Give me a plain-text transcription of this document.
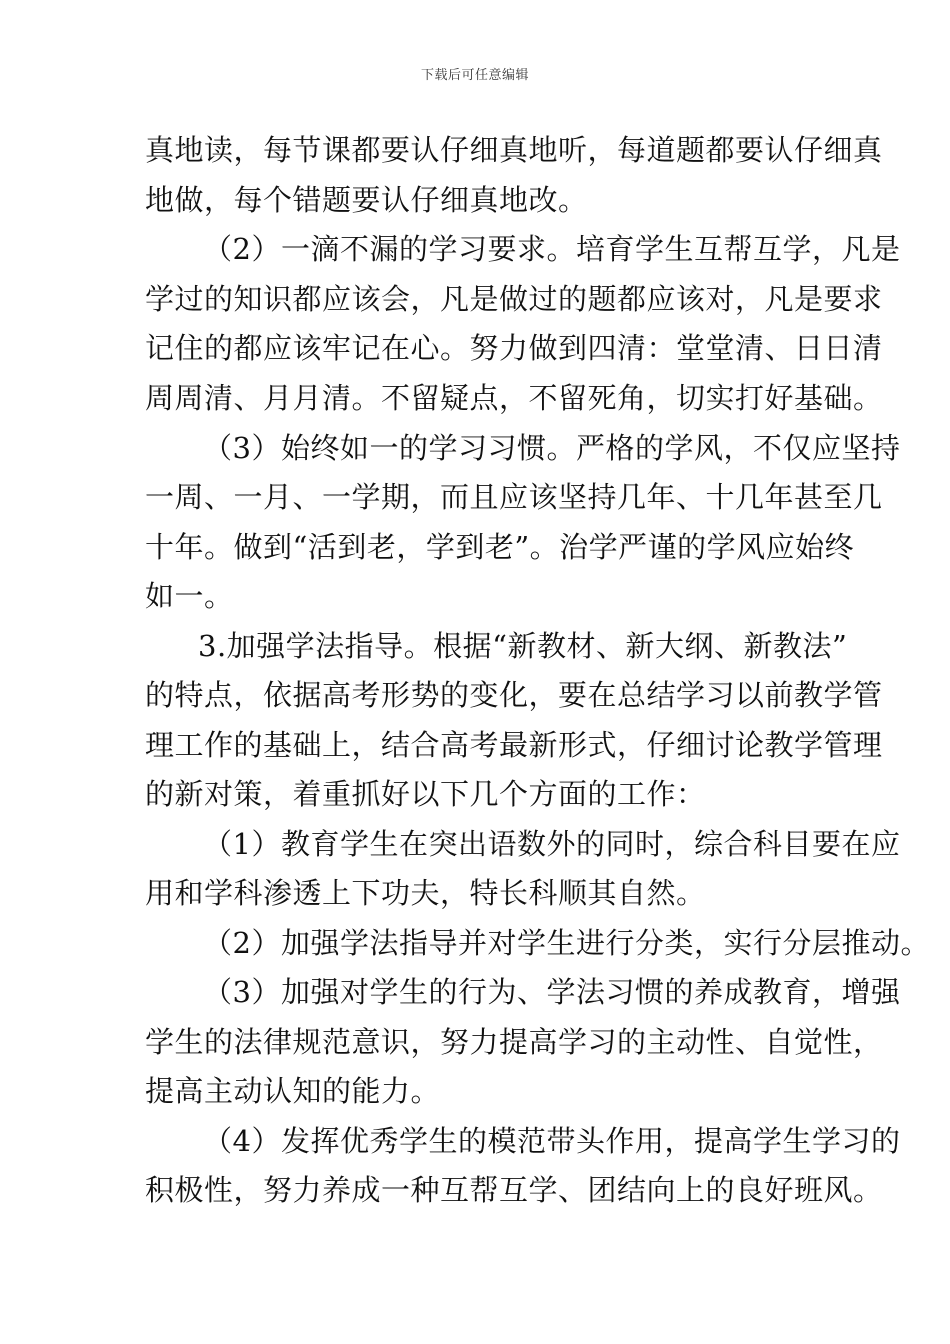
下载后可任意编辑
真地读，每节课都要认仔细真地听，每道题都要认仔细真
地做，每个错题要认仔细真地改。
（2）一滴不漏的学习要求。培育学生互帮互学，凡是
学过的知识都应该会，凡是做过的题都应该对，凡是要求
记住的都应该牢记在心。努力做到四清：堂堂清、日日清
周周清、月月清。不留疑点，不留死角，切实打好基础。
（3）始终如一的学习习惯。严格的学风，不仅应坚持
一周、一月、一学期，而且应该坚持几年、十几年甚至几
十年。做到“活到老，学到老”。治学严谨的学风应始终
如一。
3.加强学法指导。根据“新教材、新大纲、新教法”
的特点，依据高考形势的变化，要在总结学习以前教学管
理工作的基础上，结合高考最新形式，仔细讨论教学管理
的新对策，着重抓好以下几个方面的工作：
（1）教育学生在突出语数外的同时，综合科目要在应
用和学科渗透上下功夫，特长科顺其自然。
（2）加强学法指导并对学生进行分类，实行分层推动。
（3）加强对学生的行为、学法习惯的养成教育，增强
学生的法律规范意识，努力提高学习的主动性、自觉性，
提高主动认知的能力。
（4）发挥优秀学生的模范带头作用，提高学生学习的
积极性，努力养成一种互帮互学、团结向上的良好班风。
